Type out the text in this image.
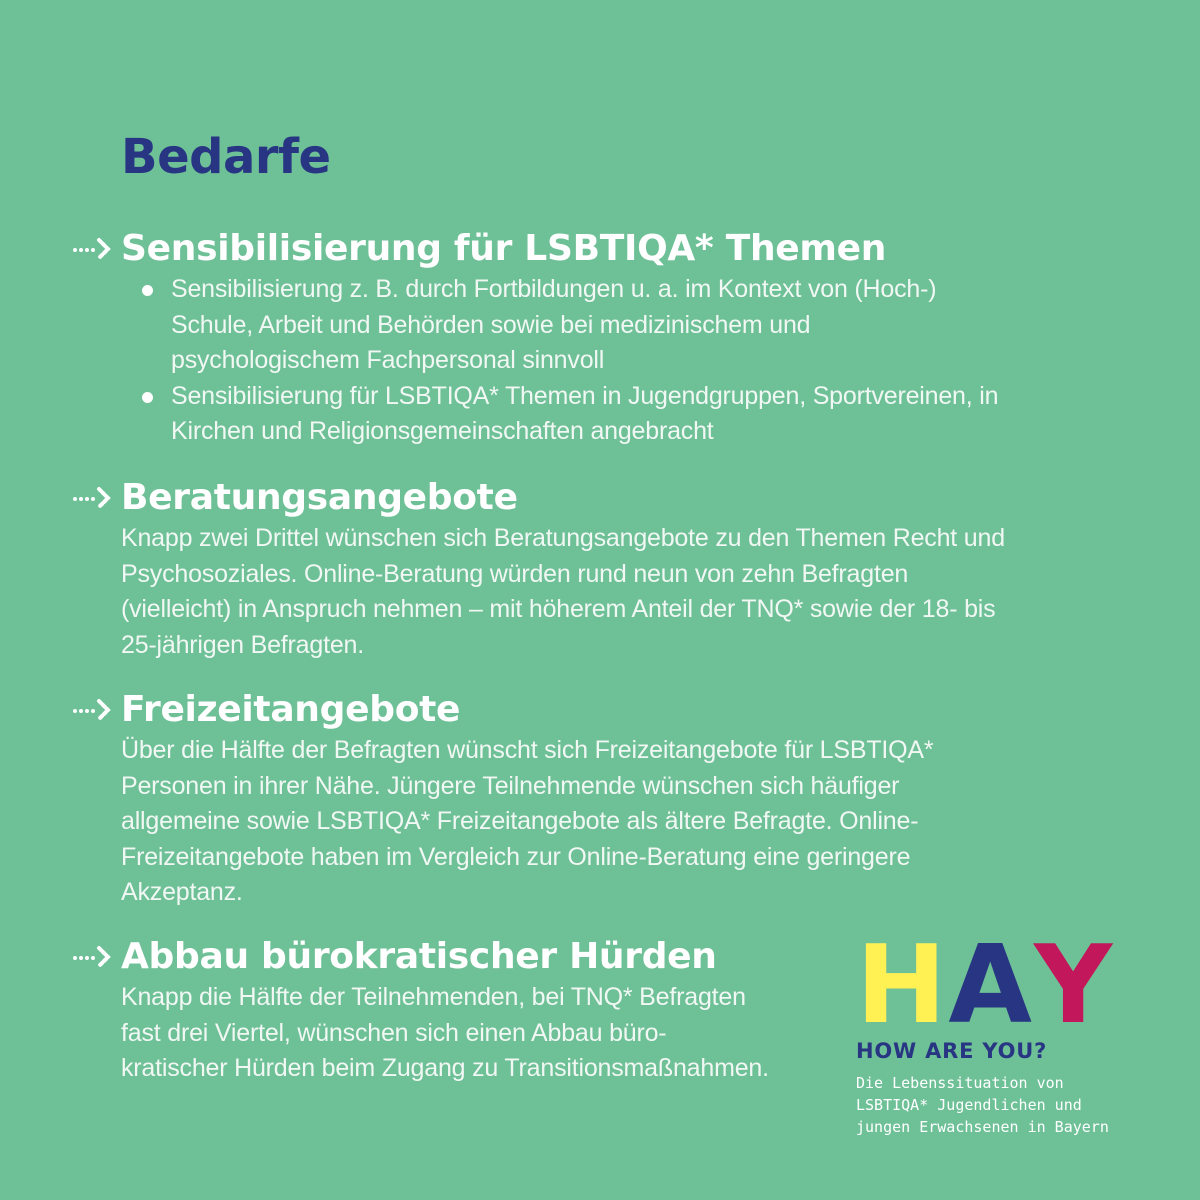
Bedarfe
Sensibilisierung für LSBTIQA* Themen
Sensibilisierung z. B. durch Fortbildungen u. a. im Kontext von (Hoch-)
Schule, Arbeit und Behörden sowie bei medizinischem und
psychologischem Fachpersonal sinnvoll
Sensibilisierung für LSBTIQA* Themen in Jugendgruppen, Sportvereinen, in
Kirchen und Religionsgemeinschaften angebracht
Beratungsangebote

Knapp zwei Drittel wünschen sich Beratungsangebote zu den Themen Recht und
Psychosoziales. Online-Beratung würden rund neun von zehn Befragten
(vielleicht) in Anspruch nehmen – mit höherem Anteil der TNQ* sowie der 18- bis
25-jährigen Befragten.

Freizeitangebote

Über die Hälfte der Befragten wünscht sich Freizeitangebote für LSBTIQA*
Personen in ihrer Nähe. Jüngere Teilnehmende wünschen sich häufiger
allgemeine sowie LSBTIQA* Freizeitangebote als ältere Befragte. Online-
Freizeitangebote haben im Vergleich zur Online-Beratung eine geringere
Akzeptanz.

Abbau bürokratischer Hürden

Knapp die Hälfte der Teilnehmenden, bei TNQ* Befragten
fast drei Viertel, wünschen sich einen Abbau büro-
kratischer Hürden beim Zugang zu Transitionsmaßnahmen.

H A Y
HOW ARE YOU?
Die Lebenssituation von
LSBTIQA* Jugendlichen und
jungen Erwachsenen in Bayern
